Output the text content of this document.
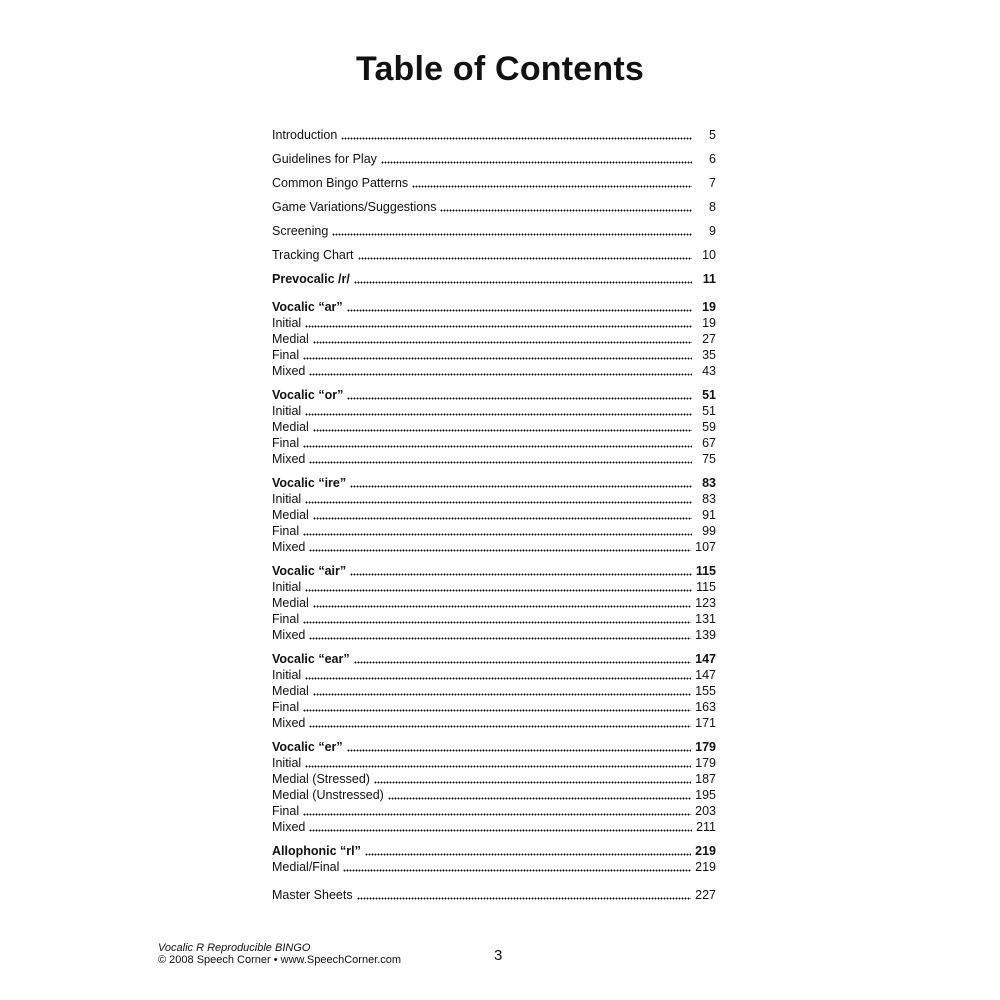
Table of Contents
Introduction	5
Guidelines for Play	6
Common Bingo Patterns	7
Game Variations/Suggestions	8
Screening	9
Tracking Chart	10
Prevocalic /r/	11
Vocalic “ar”	19
Initial	19
Medial	27
Final	35
Mixed	43
Vocalic “or”	51
Initial	51
Medial	59
Final	67
Mixed	75
Vocalic “ire”	83
Initial	83
Medial	91
Final	99
Mixed	107
Vocalic “air”	115
Initial	115
Medial	123
Final	131
Mixed	139
Vocalic “ear”	147
Initial	147
Medial	155
Final	163
Mixed	171
Vocalic “er”	179
Initial	179
Medial (Stressed)	187
Medial (Unstressed)	195
Final	203
Mixed	211
Allophonic “rl”	219
Medial/Final	219
Master Sheets	227
Vocalic R Reproducible BINGO
© 2008 Speech Corner • www.SpeechCorner.com	3
